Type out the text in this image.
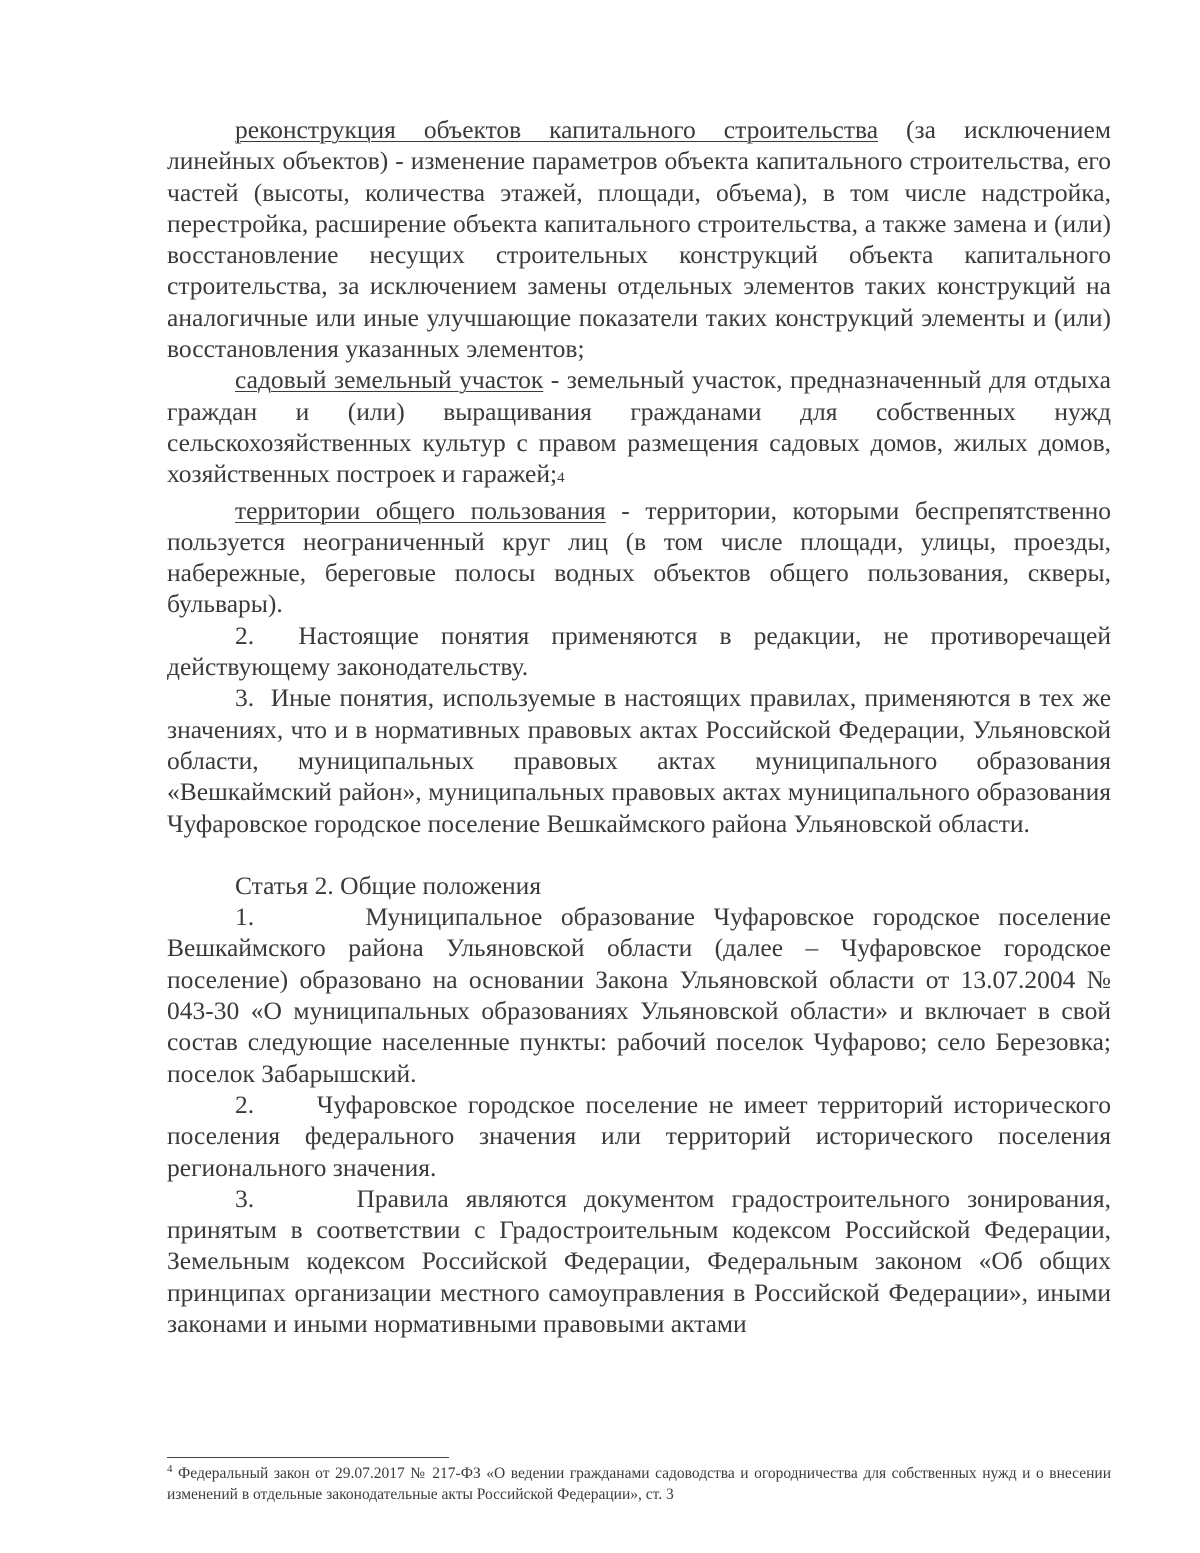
реконструкция объектов капитального строительства (за исключением линейных объектов) - изменение параметров объекта капитального строительства, его частей (высоты, количества этажей, площади, объема), в том числе надстройка, перестройка, расширение объекта капитального строительства, а также замена и (или) восстановление несущих строительных конструкций объекта капитального строительства, за исключением замены отдельных элементов таких конструкций на аналогичные или иные улучшающие показатели таких конструкций элементы и (или) восстановления указанных элементов;

садовый земельный участок - земельный участок, предназначенный для отдыха граждан и (или) выращивания гражданами для собственных нужд сельскохозяйственных культур с правом размещения садовых домов, жилых домов, хозяйственных построек и гаражей;4

территории общего пользования - территории, которыми беспрепятственно пользуется неограниченный круг лиц (в том числе площади, улицы, проезды, набережные, береговые полосы водных объектов общего пользования, скверы, бульвары).

2. Настоящие понятия применяются в редакции, не противоречащей действующему законодательству.

3. Иные понятия, используемые в настоящих правилах, применяются в тех же значениях, что и в нормативных правовых актах Российской Федерации, Ульяновской области, муниципальных правовых актах муниципального образования «Вешкаймский район», муниципальных правовых актах муниципального образования Чуфаровское городское поселение Вешкаймского района Ульяновской области.

Статья 2. Общие положения

1.	Муниципальное образование Чуфаровское городское поселение Вешкаймского района Ульяновской области (далее – Чуфаровское городское поселение) образовано на основании Закона Ульяновской области от 13.07.2004 № 043-30 «О муниципальных образованиях Ульяновской области» и включает в свой состав следующие населенные пункты: рабочий поселок Чуфарово; село Березовка; поселок Забарышский.

2. Чуфаровское городское поселение не имеет территорий исторического поселения федерального значения или территорий исторического поселения регионального значения.

3.	Правила являются документом градостроительного зонирования, принятым в соответствии с Градостроительным кодексом Российской Федерации, Земельным кодексом Российской Федерации, Федеральным законом «Об общих принципах организации местного самоуправления в Российской Федерации», иными законами и иными нормативными правовыми актами

$^4$ Федеральный закон от 29.07.2017 № 217-ФЗ «О ведении гражданами садоводства и огородничества для собственных нужд и о внесении изменений в отдельные законодательные акты Российской Федерации», ст. 3
